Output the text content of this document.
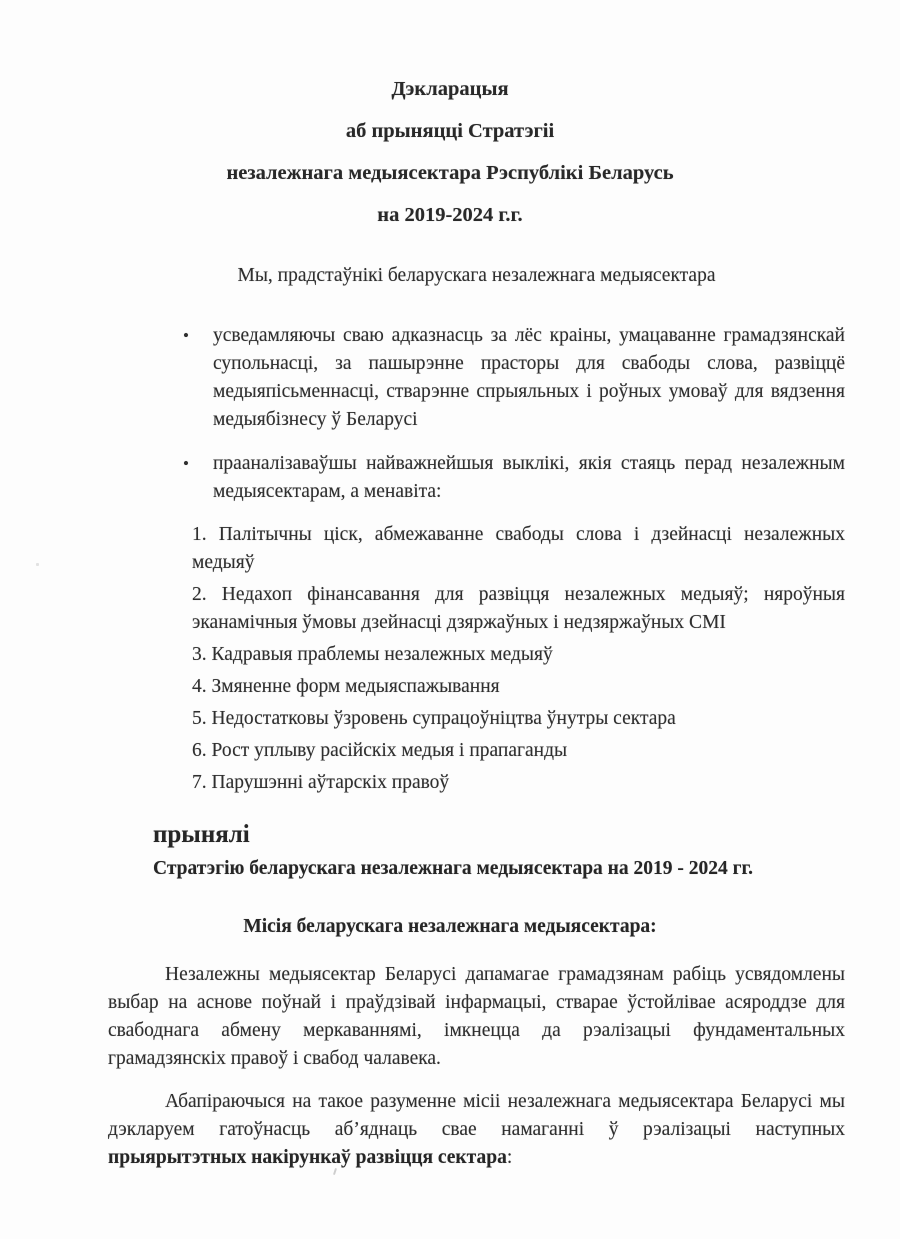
Дэкларацыя
аб прыняцці Стратэгіі
незалежнага медыясектара Рэспублікі Беларусь
на 2019-2024 г.г.

Мы, прадстаўнікі беларускага незалежнага медыясектара

• усведамляючы сваю адказнасць за лёс краіны, умацаванне грамадзянскай супольнасці, за пашырэнне прасторы для свабоды слова, развіццё медыяпісьменнасці, стварэнне спрыяльных і роўных умоваў для вядзення медыябізнесу ў Беларусі
• прааналізаваўшы найважнейшыя выклікі, якія стаяць перад незалежным медыясектарам, а менавіта:

1. Палітычны ціск, абмежаванне свабоды слова і дзейнасці незалежных медыяў

2. Недахоп фінансавання для развіцця незалежных медыяў; няроўныя эканамічныя ўмовы дзейнасці дзяржаўных і недзяржаўных СМІ

3. Кадравыя праблемы незалежных медыяў

4. Змяненне форм медыяспажывання

5. Недостатковы ўзровень супрацоўніцтва ўнутры сектара

6. Рост уплыву расійскіх медыя і прапаганды

7. Парушэнні аўтарскіх правоў

прынялі

Стратэгію беларускага незалежнага медыясектара на 2019 - 2024 гг.

Місія беларускага незалежнага медыясектара:

Незалежны медыясектар Беларусі дапамагае грамадзянам рабіць усвядомлены выбар на аснове поўнай і праўдзівай інфармацыі, стварае ўстойлівае асяроддзе для свабоднага абмену меркаваннямі, імкнецца да рэалізацыі фундаментальных грамадзянскіх правоў і свабод чалавека.

Абапіраючыся на такое разуменне місіі незалежнага медыясектара Беларусі мы дэкларуем гатоўнасць аб’яднаць свае намаганні ў рэалізацыі наступных прыярытэтных накірункаў развіцця сектара:
